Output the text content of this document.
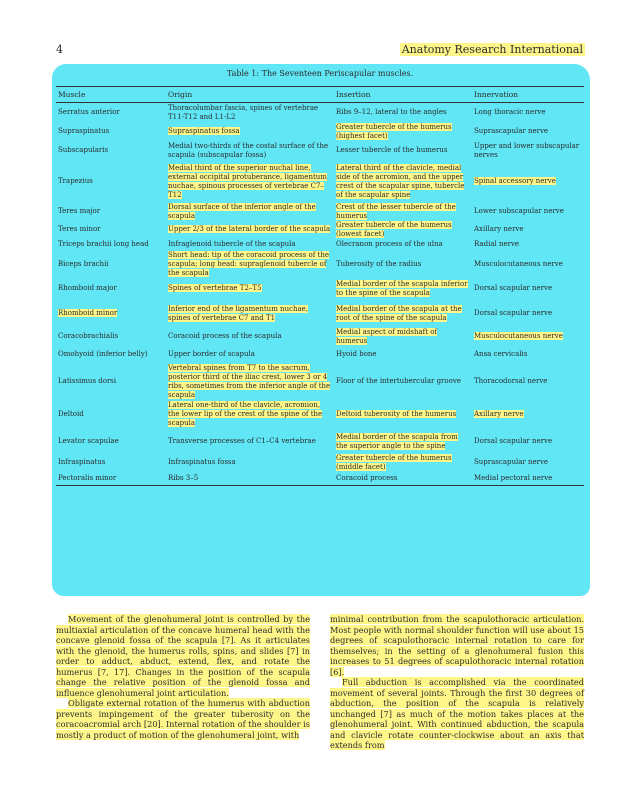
4	Anatomy Research International
Table 1: The Seventeen Periscapular muscles.
Muscle	Origin	Insertion	Innervation
Serratus anterior	Thoracolumbar fascia, spines of vertebrae T11-T12 and L1-L2	Ribs 9–12, lateral to the angles	Long thoracic nerve
Supraspinatus	Supraspinatus fossa	Greater tubercle of the humerus (highest facet)	Suprascapular nerve
Subscapularis	Medial two-thirds of the costal surface of the scapula (subscapular fossa)	Lesser tubercle of the humerus	Upper and lower subscapular nerves
Trapezius	Medial third of the superior nuchal line, external occipital protuberance, ligamentum nuchae, spinous processes of vertebrae C7–T12	Lateral third of the clavicle, medial side of the acromion, and the upper crest of the scapular spine, tubercle of the scapular spine	Spinal accessory nerve
Teres major	Dorsal surface of the inferior angle of the scapula	Crest of the lesser tubercle of the humerus	Lower subscapular nerve
Teres minor	Upper 2/3 of the lateral border of the scapula	Greater tubercle of the humerus (lowest facet)	Axillary nerve
Triceps brachii long head	Infraglenoid tubercle of the scapula	Olecranon process of the ulna	Radial nerve
Biceps brachii	Short head: tip of the coracoid process of the scapula; long head: supraglenoid tubercle of the scapula	Tuberosity of the radius	Musculocutaneous nerve
Rhomboid major	Spines of vertebrae T2–T5	Medial border of the scapula inferior to the spine of the scapula	Dorsal scapular nerve
Rhomboid minor	Inferior end of the ligamentum nuchae, spines of vertebrae C7 and T1	Medial border of the scapula at the root of the spine of the scapula	Dorsal scapular nerve
Coracobrachialis	Coracoid process of the scapula	Medial aspect of midshaft of humerus	Musculocutaneous nerve
Omohyoid (inferior belly)	Upper border of scapula	Hyoid bone	Ansa cervicalis
Latissimus dorsi	Vertebral spines from T7 to the sacrum, posterior third of the iliac crest, lower 3 or 4 ribs, sometimes from the inferior angle of the scapula	Floor of the intertubercular groove	Thoracodorsal nerve
Deltoid	Lateral one-third of the clavicle, acromion, the lower lip of the crest of the spine of the scapula	Deltoid tuberosity of the humerus	Axillary nerve
Levator scapulae	Transverse processes of C1–C4 vertebrae	Medial border of the scapula from the superior angle to the spine	Dorsal scapular nerve
Infraspinatus	Infraspinatus fossa	Greater tubercle of the humerus (middle facet)	Suprascapular nerve
Pectoralis minor	Ribs 3–5	Coracoid process	Medial pectoral nerve

Movement of the glenohumeral joint is controlled by the multiaxial articulation of the concave humeral head with the concave glenoid fossa of the scapula [7]. As it articulates with the glenoid, the humerus rolls, spins, and slides [7] in order to adduct, abduct, extend, flex, and rotate the humerus [7, 17]. Changes in the position of the scapula change the relative position of the glenoid fossa and influence glenohumeral joint articulation.

Obligate external rotation of the humerus with abduction prevents impingement of the greater tuberosity on the coracoacromial arch [20]. Internal rotation of the shoulder is mostly a product of motion of the glenohumeral joint, with

minimal contribution from the scapulothoracic articulation. Most people with normal shoulder function will use about 15 degrees of scapulothoracic internal rotation to care for themselves; in the setting of a glenohumeral fusion this increases to 51 degrees of scapulothoracic internal rotation [6].

Full abduction is accomplished via the coordinated movement of several joints. Through the first 30 degrees of abduction, the position of the scapula is relatively unchanged [7] as much of the motion takes places at the glenohumeral joint. With continued abduction, the scapula and clavicle rotate counter-clockwise about an axis that extends from
